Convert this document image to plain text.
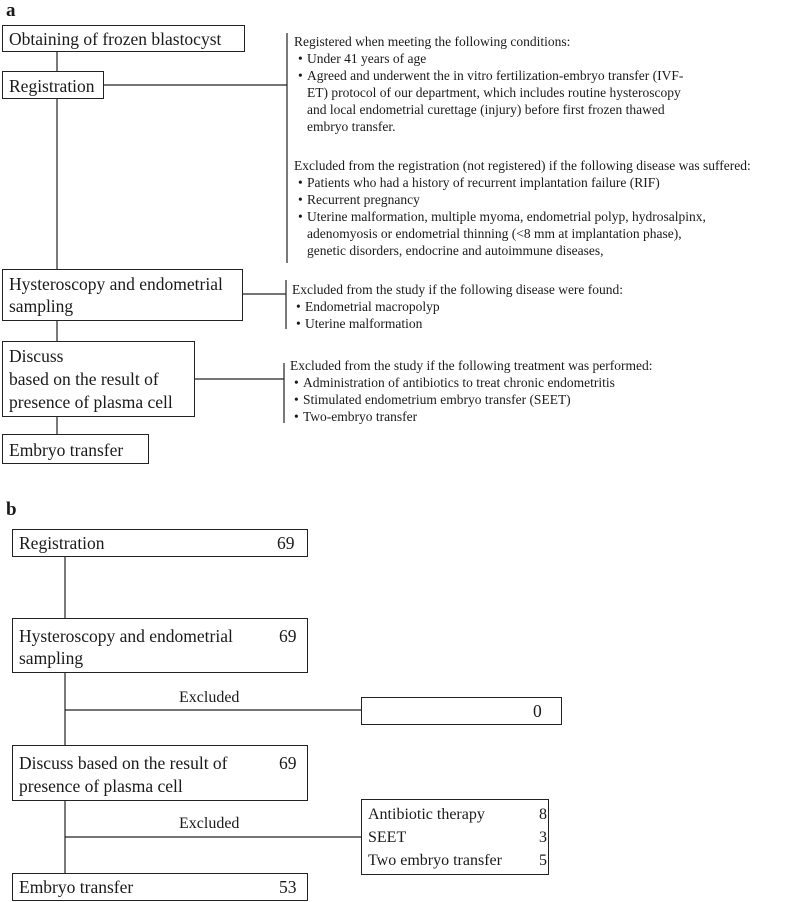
a
Obtaining of frozen blastocyst
Registration
Hysteroscopy and endometrial
sampling
Discuss
based on the result of
presence of plasma cell
Embryo transfer
Registered when meeting the following conditions:
• Under 41 years of age
• Agreed and underwent the in vitro fertilization-embryo transfer (IVF-
ET) protocol of our department, which includes routine hysteroscopy
and local endometrial curettage (injury) before first frozen thawed
embryo transfer.
Excluded from the registration (not registered) if the following disease was suffered:
• Patients who had a history of recurrent implantation failure (RIF)
• Recurrent pregnancy
• Uterine malformation, multiple myoma, endometrial polyp, hydrosalpinx,
adenomyosis or endometrial thinning (<8 mm at implantation phase),
genetic disorders, endocrine and autoimmune diseases,
Excluded from the study if the following disease were found:
• Endometrial macropolyp
• Uterine malformation
Excluded from the study if the following treatment was performed:
• Administration of antibiotics to treat chronic endometritis
• Stimulated endometrium embryo transfer (SEET)
• Two-embryo transfer
b
Registration	69
Hysteroscopy and endometrial
sampling
69
Excluded
0
Discuss based on the result of
presence of plasma cell
69
Excluded
Antibiotic therapy	8
SEET	3
Two embryo transfer 5
Embryo transfer	53
